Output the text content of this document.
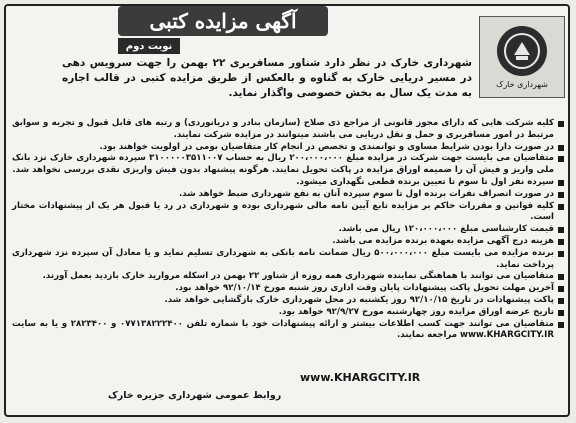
آگهی مزایده کتبی
نوبت دوم
شهرداری خارک
شهرداری خارک در نظر دارد شناور مسافربری ۲۲ بهمن را جهت سرویس دهی در مسیر دریایی خارک به گناوه و بالعکس از طریق مزایده کتبی در قالب اجاره به مدت یک سال به بخش خصوصی واگذار نماید.
کلیه شرکت هایی که دارای مجوز قانونی از مراجع ذی صلاح (سازمان بنادر و دریانوردی) و رتبه های قابل قبول و تجربه و سوابق مرتبط در امور مسافربری و حمل و نقل دریایی می باشند میتوانند در مزایده شرکت نمایند.
در صورت دارا بودن شرایط مساوی و توانمندی و تخصص در انجام کار متقاضیان بومی در اولویت خواهند بود.
متقاضیان می بایست جهت شرکت در مزایده مبلغ ۲۰۰،۰۰۰،۰۰۰ ریال به حساب ۳۱۰۰۰۰۰۳۵۱۱۰۰۷ سپرده شهرداری خارک نزد بانک ملی واریز و فیش آن را ضمیمه اوراق مزایده در پاکت تحویل نمایند. هرگونه پیشنهاد بدون فیش واریزی نقدی بررسی نخواهد شد.
سپرده نفر اول تا سوم تا تعیین برنده قطعی نگهداری میشود.
در صورت انصراف نفرات برنده اول تا سوم سپرده آنان به نفع شهرداری ضبط خواهد شد.
کلیه قوانین و مقررات حاکم بر مزایده تابع آیین نامه مالی شهرداری بوده و شهرداری در رد یا قبول هر یک از پیشنهادات مختار است.
قیمت کارشناسی مبلغ ۱۲۰،۰۰۰،۰۰۰ ریال می باشد.
هزینه درج آگهی مزایده بعهده برنده مزایده می باشد.
برنده مزایده می بایست مبلغ ۵۰۰،۰۰۰،۰۰۰ ریال ضمانت نامه بانکی به شهرداری تسلیم نماید و یا معادل آن سپرده نزد شهرداری پرداخت نماید.
متقاضیان می توانند با هماهنگی نماینده شهرداری همه روزه از شناور ۲۲ بهمن در اسکله مروارید خارک بازدید بعمل آورند.
آخرین مهلت تحویل پاکت پیشنهادات پایان وقت اداری روز شنبه مورخ ۹۲/۱۰/۱۴ خواهد بود.
پاکت پیشنهادات در تاریخ ۹۲/۱۰/۱۵ روز یکشنبه در محل شهرداری خارک بازگشایی خواهد شد.
تاریخ عرضه اوراق مزایده روز چهارشنبه مورخ ۹۲/۹/۲۷ خواهد بود.
متقاضیان می توانند جهت کسب اطلاعات بیشتر و ارائه پیشنهادات خود با شماره تلفن ۰۷۷۱۳۸۲۲۲۴۰۰ و ۲۸۲۳۴۰۰ و یا به سایت www.KHARGCITY.IR مراجعه نمایند.
www.KHARGCITY.IR
روابط عمومی شهرداری جزیره خارک
